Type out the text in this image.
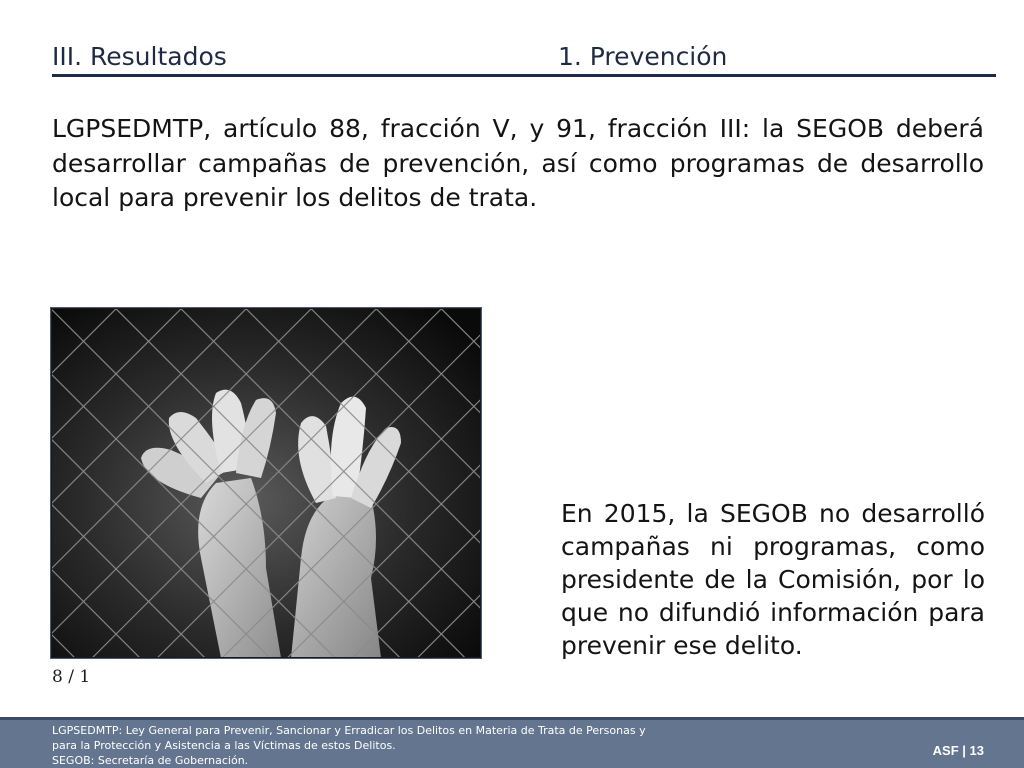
III. Resultados	1. Prevención
LGPSEDMTP, artículo 88, fracción V, y 91, fracción III: la SEGOB deberá desarrollar campañas de prevención, así como programas de desarrollo local para prevenir los delitos de trata.
8 / 1
En 2015, la SEGOB no desarrolló campañas ni programas, como presidente de la Comisión, por lo que no difundió información para prevenir ese delito.
LGPSEDMTP: Ley General para Prevenir, Sancionar y Erradicar los Delitos en Materia de Trata de Personas y
para la Protección y Asistencia a las Víctimas de estos Delitos.
SEGOB: Secretaría de Gobernación.
ASF | 13
